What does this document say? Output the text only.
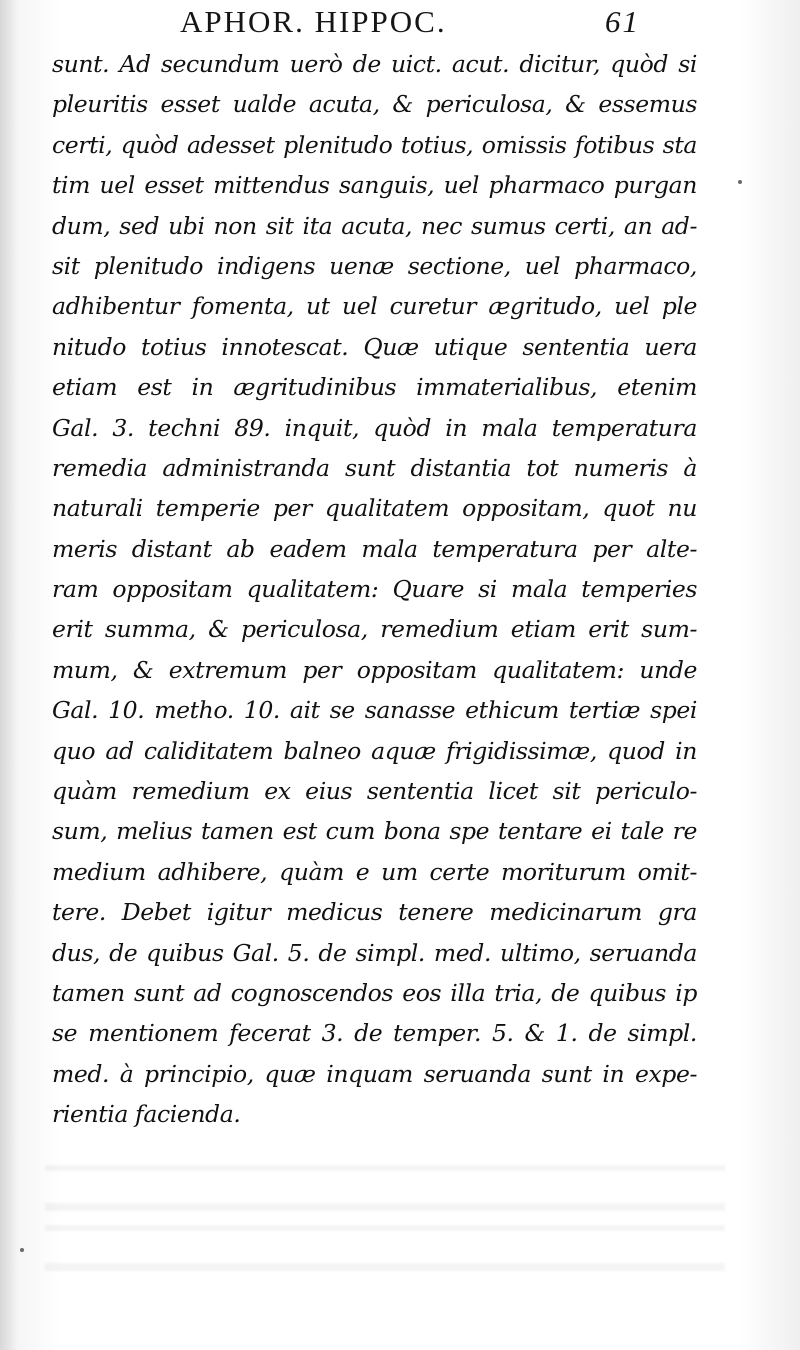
APHOR. HIPPOC.	61
sunt. Ad secundum uerò de uict. acut. dicitur, quòd si
pleuritis esset ualde acuta, & periculosa, & essemus
certi, quòd adesset plenitudo totius, omissis fotibus sta
tim uel esset mittendus sanguis, uel pharmaco purgan
dum, sed ubi non sit ita acuta, nec sumus certi, an ad-
sit plenitudo indigens uenæ sectione, uel pharmaco,
adhibentur fomenta, ut uel curetur ægritudo, uel ple
nitudo totius innotescat. Quæ utique sententia uera
etiam est in ægritudinibus immaterialibus, etenim
Gal. 3. techni 89. inquit, quòd in mala temperatura
remedia administranda sunt distantia tot numeris à
naturali temperie per qualitatem oppositam, quot nu
meris distant ab eadem mala temperatura per alte-
ram oppositam qualitatem: Quare si mala temperies
erit summa, & periculosa, remedium etiam erit sum-
mum, & extremum per oppositam qualitatem: unde
Gal. 10. metho. 10. ait se sanasse ethicum tertiæ spei
quo ad caliditatem balneo aquæ frigidissimæ, quod in
quàm remedium ex eius sententia licet sit periculo-
sum, melius tamen est cum bona spe tentare ei tale re
medium adhibere, quàm e um certe moriturum omit-
tere. Debet igitur medicus tenere medicinarum gra
dus, de quibus Gal. 5. de simpl. med. ultimo, seruanda
tamen sunt ad cognoscendos eos illa tria, de quibus ip
se mentionem fecerat 3. de temper. 5. & 1. de simpl.
med. à principio, quæ inquam seruanda sunt in expe-
rientia facienda.
